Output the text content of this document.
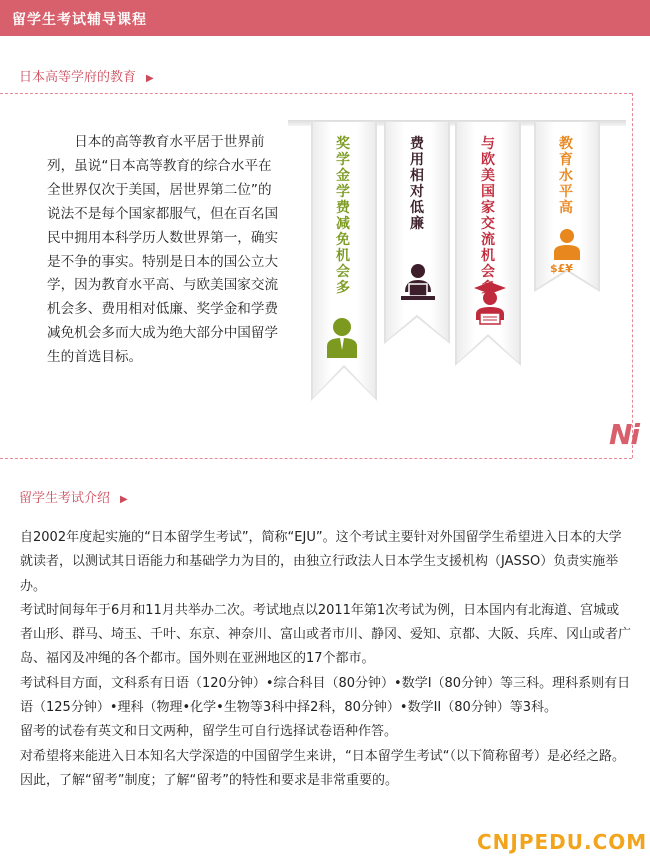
留学生考试辅导课程
日本高等学府的教育 ▶
日本的高等教育水平居于世界前列，虽说“日本高等教育的综合水平在全世界仅次于美国，居世界第二位”的说法不是每个国家都服气，但在百名国民中拥用本科学历人数世界第一，确实是不争的事实。特别是日本的国公立大学，因为教育水平高、与欧美国家交流机会多、费用相对低廉、奖学金和学费减免机会多而大成为绝大部分中国留学生的首选目标。
奖学金学费减免机会多
费用相对低廉
与欧美国家交流机会
教育水平高
$£¥
Ni
留学生考试介绍 ▶

自2002年度起实施的“日本留学生考试”，简称“EJU”。这个考试主要针对外国留学生希望进入日本的大学就读者，以测试其日语能力和基础学力为目的，由独立行政法人日本学生支援机构（JASSO）负责实施举办。

考试时间每年于6月和11月共举办二次。考试地点以2011年第1次考试为例，日本国内有北海道、宫城或者山形、群马、埼玉、千叶、东京、神奈川、富山或者市川、静冈、爱知、京都、大阪、兵库、冈山或者广岛、福冈及冲绳的各个都市。国外则在亚洲地区的17个都市。

考试科目方面，文科系有日语（120分钟）•综合科目（80分钟）•数学I（80分钟）等三科。理科系则有日语（125分钟）•理科（物理•化学•生物等3科中择2科，80分钟）•数学II（80分钟）等3科。

留考的试卷有英文和日文两种，留学生可自行选择试卷语种作答。

对希望将来能进入日本知名大学深造的中国留学生来讲，“日本留学生考试“（以下简称留考）是必经之路。因此，了解“留考”制度；了解“留考”的特性和要求是非常重要的。

CNJPEDU.COM
